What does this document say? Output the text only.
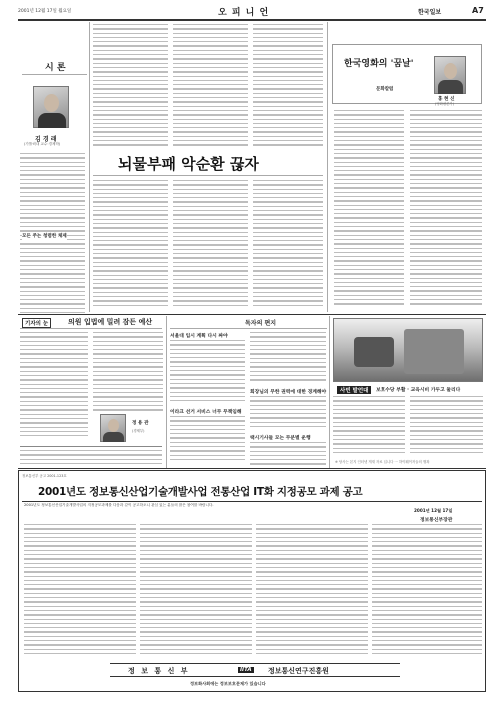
2001년 12월 17일 월요일	오 피 니 언	한국일보	A7
시 론
김 경 래
(가톨릭대 교수·경제학)
모든 주는 청렴한 체제
뇌물부패 악순환 끊자
한국영화의 '꿈날'
문화칼럼
홍 현 신
(영화평론가)
기자의 눈	의원 입법에 밀려 잠든 예산
정 용 관
(경제부)
독자의 편지
서울대 입시 계획 다시 짜야
이라크 선거 서비스 너무 무책임해
회장님의 무한 권력에 대한 경계해야
택시기사들 모는 무분별 운행
사빈 발언대	보호수당 부활 · 교육시비 가두고 둘리다
※ 당사는 본지 인터넷 게재 자료 입니다 ··· 하이웨이저들의 행복
정보통신부 공고 2001-123호
2001년도 정보통신산업기술개발사업 전통산업 IT화 지정공모 과제 공고
2001년도 정보통신산업기술개발사업의 지정공모과제를 다음과 같이 공고하오니 관심 있는 분들의 많은 참여를 바랍니다.
2001년 12월 17일
정보통신부장관
정 보 통 신 부	IITA 정보통신연구진흥원
정보화사회에는 정보보호문제가 있습니다
